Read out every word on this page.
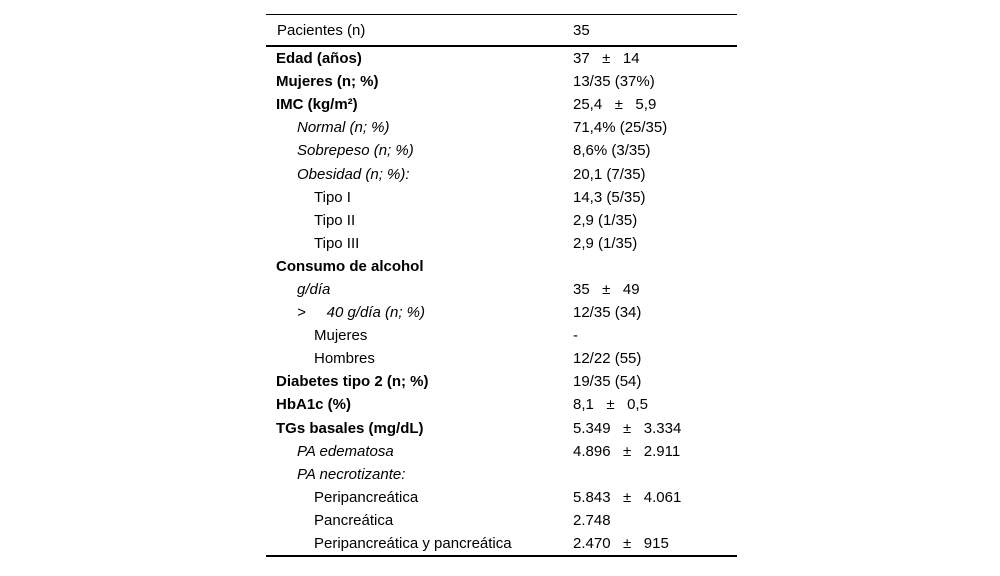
Pacientes (n)	35
Edad (años)	37   ±   14
Mujeres (n; %)	13/35 (37%)
IMC (kg/m²)	25,4   ±   5,9
Normal (n; %)	71,4% (25/35)
Sobrepeso (n; %)	8,6% (3/35)
Obesidad (n; %):	20,1 (7/35)
Tipo I	14,3 (5/35)
Tipo II	2,9 (1/35)
Tipo III	2,9 (1/35)
Consumo de alcohol
g/día	35   ±   49
>     40 g/día (n; %)	12/35 (34)
Mujeres	-
Hombres	12/22 (55)
Diabetes tipo 2 (n; %)	19/35 (54)
HbA1c (%)	8,1   ±   0,5
TGs basales (mg/dL)	5.349   ±   3.334
PA edematosa	4.896   ±   2.911
PA necrotizante:
Peripancreática	5.843   ±   4.061
Pancreática	2.748
Peripancreática y pancreática	2.470   ±   915
